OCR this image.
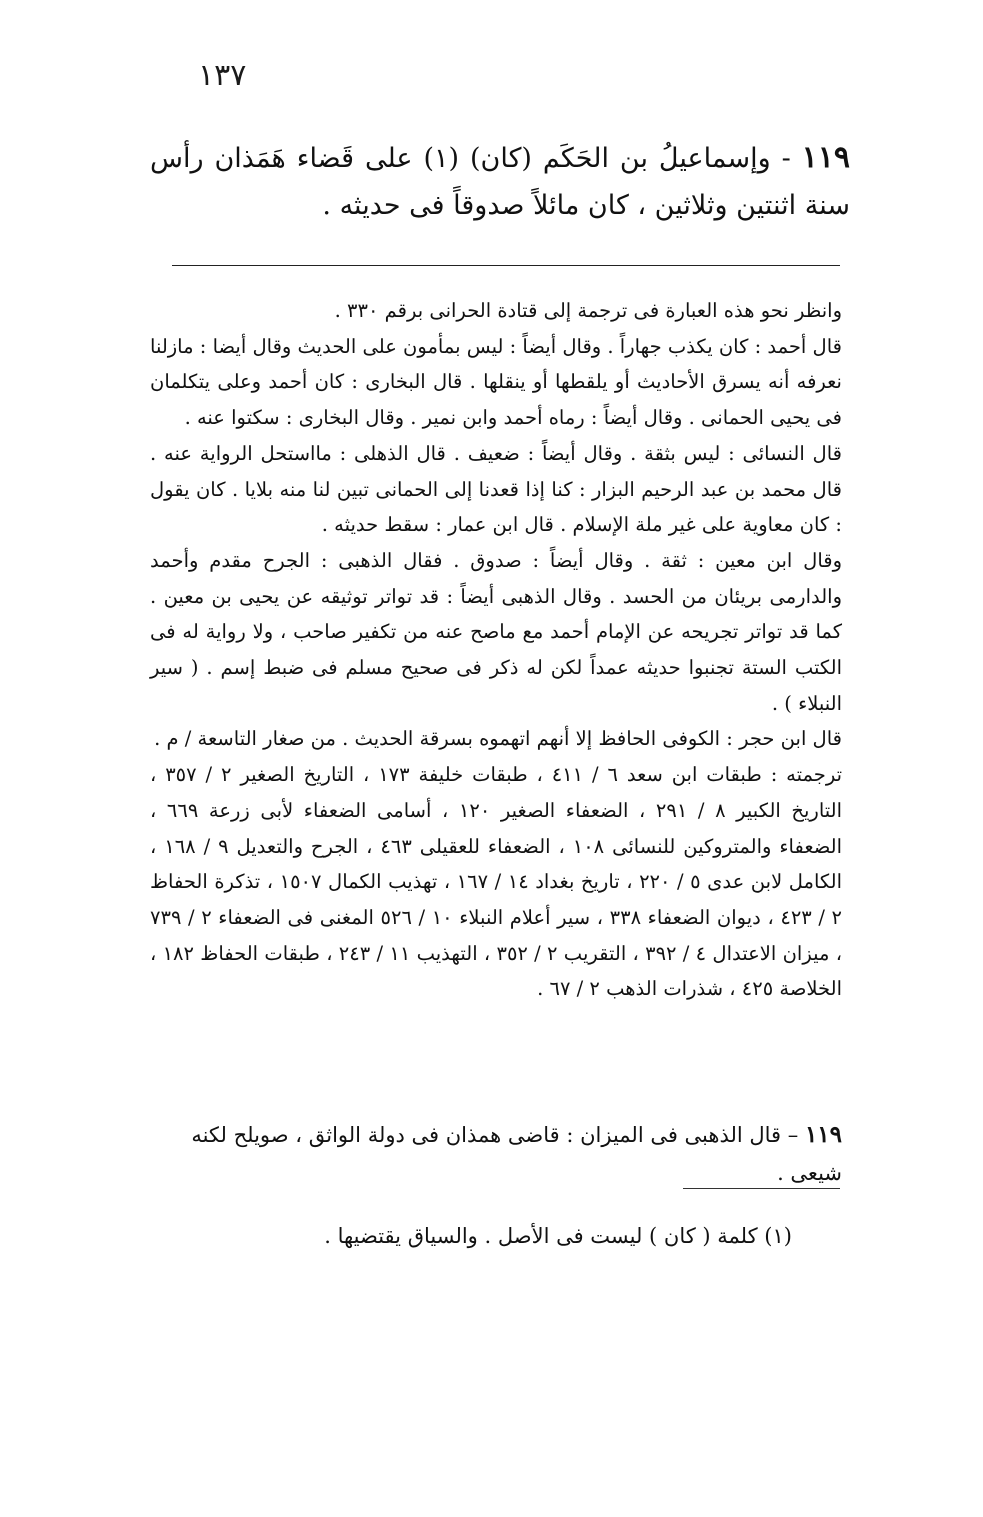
١٣٧
١١٩ - وإسماعيلُ بن الحَكَم (كان) (١) على قَضاء هَمَذان رأس سنة اثنتين وثلاثين ، كان مائلاً صدوقاً فى حديثه .

وانظر نحو هذه العبارة فى ترجمة إلى قتادة الحرانى برقم ٣٣٠ .

قال أحمد : كان يكذب جهاراً . وقال أيضاً : ليس بمأمون على الحديث وقال أيضا : مازلنا نعرفه أنه يسرق الأحاديث أو يلقطها أو ينقلها . قال البخارى : كان أحمد وعلى يتكلمان فى يحيى الحمانى . وقال أيضاً : رماه أحمد وابن نمير . وقال البخارى : سكتوا عنه .

قال النسائى : ليس بثقة . وقال أيضاً : ضعيف . قال الذهلى : مااستحل الرواية عنه . قال محمد بن عبد الرحيم البزار : كنا إذا قعدنا إلى الحمانى تبين لنا منه بلايا . كان يقول : كان معاوية على غير ملة الإسلام . قال ابن عمار : سقط حديثه .

وقال ابن معين : ثقة . وقال أيضاً : صدوق . فقال الذهبى : الجرح مقدم وأحمد والدارمى بريئان من الحسد . وقال الذهبى أيضاً : قد تواتر توثيقه عن يحيى بن معين . كما قد تواتر تجريحه عن الإمام أحمد مع ماصح عنه من تكفير صاحب ، ولا رواية له فى الكتب الستة تجنبوا حديثه عمداً لكن له ذكر فى صحيح مسلم فى ضبط إسم . ( سير النبلاء ) .

قال ابن حجر : الكوفى الحافظ إلا أنهم اتهموه بسرقة الحديث . من صغار التاسعة / م .

ترجمته : طبقات ابن سعد ٦ / ٤١١ ، طبقات خليفة ١٧٣ ، التاريخ الصغير ٢ / ٣٥٧ ، التاريخ الكبير ٨ / ٢٩١ ، الضعفاء الصغير ١٢٠ ، أسامى الضعفاء لأبى زرعة ٦٦٩ ، الضعفاء والمتروكين للنسائى ١٠٨ ، الضعفاء للعقيلى ٤٦٣ ، الجرح والتعديل ٩ / ١٦٨ ، الكامل لابن عدى ٥ / ٢٢٠ ، تاريخ بغداد ١٤ / ١٦٧ ، تهذيب الكمال ١٥٠٧ ، تذكرة الحفاظ ٢ / ٤٢٣ ، ديوان الضعفاء ٣٣٨ ، سير أعلام النبلاء ١٠ / ٥٢٦ المغنى فى الضعفاء ٢ / ٧٣٩ ، ميزان الاعتدال ٤ / ٣٩٢ ، التقريب ٢ / ٣٥٢ ، التهذيب ١١ / ٢٤٣ ، طبقات الحفاظ ١٨٢ ، الخلاصة ٤٢٥ ، شذرات الذهب ٢ / ٦٧ .

١١٩ – قال الذهبى فى الميزان : قاضى همذان فى دولة الواثق ، صويلح لكنه شيعى .
(١) كلمة ( كان ) ليست فى الأصل . والسياق يقتضيها .
